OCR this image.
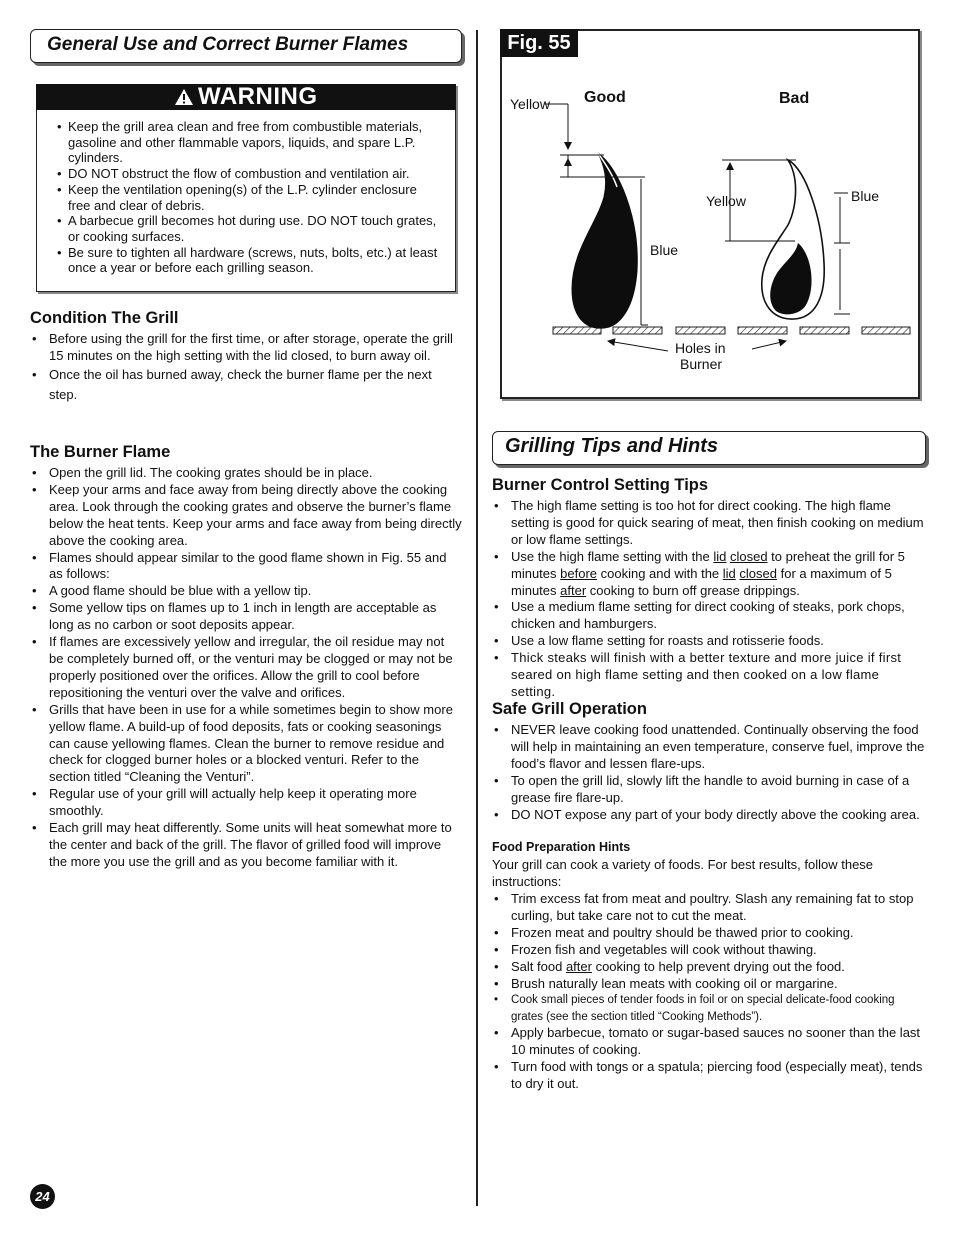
General Use and Correct Burner Flames
WARNING
• Keep the grill area clean and free from combustible materials, gasoline and other flammable vapors, liquids, and spare L.P. cylinders.
• DO NOT obstruct the flow of combustion and ventilation air.
• Keep the ventilation opening(s) of the L.P. cylinder enclosure free and clear of debris.
• A barbecue grill becomes hot during use. DO NOT touch grates, or cooking surfaces.
• Be sure to tighten all hardware (screws, nuts, bolts, etc.) at least once a year or before each grilling season.
Condition The Grill
• Before using the grill for the first time, or after storage, operate the grill 15 minutes on the high setting with the lid closed, to burn away oil.
• Once the oil has burned away, check the burner flame per the next step.
The Burner Flame
• Open the grill lid. The cooking grates should be in place.
• Keep your arms and face away from being directly above the cooking area. Look through the cooking grates and observe the burner’s flame below the heat tents. Keep your arms and face away from being directly above the cooking area.
• Flames should appear similar to the good flame shown in Fig. 55 and as follows:
• A good flame should be blue with a yellow tip.
• Some yellow tips on flames up to 1 inch in length are acceptable as long as no carbon or soot deposits appear.
• If flames are excessively yellow and irregular, the oil residue may not be completely burned off, or the venturi may be clogged or may not be properly positioned over the orifices. Allow the grill to cool before repositioning the venturi over the valve and orifices.
• Grills that have been in use for a while sometimes begin to show more yellow flame. A build-up of food deposits, fats or cooking seasonings can cause yellowing flames. Clean the burner to remove residue and check for clogged burner holes or a blocked venturi. Refer to the section titled “Cleaning the Venturi”.
• Regular use of your grill will actually help keep it operating more smoothly.
• Each grill may heat differently. Some units will heat somewhat more to the center and back of the grill. The flavor of grilled food will improve the more you use the grill and as you become familiar with it.
24
Fig. 55
Yellow Good	Bad
Yellow	Blue
Blue
Holes in
Burner
Grilling Tips and Hints
Burner Control Setting Tips
• The high flame setting is too hot for direct cooking. The high flame setting is good for quick searing of meat, then finish cooking on medium or low flame settings.
• Use the high flame setting with the lid closed to preheat the grill for 5 minutes before cooking and with the lid closed for a maximum of 5 minutes after cooking to burn off grease drippings.
• Use a medium flame setting for direct cooking of steaks, pork chops, chicken and hamburgers.
• Use a low flame setting for roasts and rotisserie foods.
• Thick steaks will finish with a better texture and more juice if first seared on high flame setting and then cooked on a low flame setting.
Safe Grill Operation
• NEVER leave cooking food unattended. Continually observing the food will help in maintaining an even temperature, conserve fuel, improve the food’s flavor and lessen flare-ups.
• To open the grill lid, slowly lift the handle to avoid burning in case of a grease fire flare-up.
• DO NOT expose any part of your body directly above the cooking area.
Food Preparation Hints
Your grill can cook a variety of foods. For best results, follow these instructions:
• Trim excess fat from meat and poultry. Slash any remaining fat to stop curling, but take care not to cut the meat.
• Frozen meat and poultry should be thawed prior to cooking.
• Frozen fish and vegetables will cook without thawing.
• Salt food after cooking to help prevent drying out the food.
• Brush naturally lean meats with cooking oil or margarine.
• Cook small pieces of tender foods in foil or on special delicate-food cooking grates (see the section titled “Cooking Methods”).
• Apply barbecue, tomato or sugar-based sauces no sooner than the last 10 minutes of cooking.
• Turn food with tongs or a spatula; piercing food (especially meat), tends to dry it out.
